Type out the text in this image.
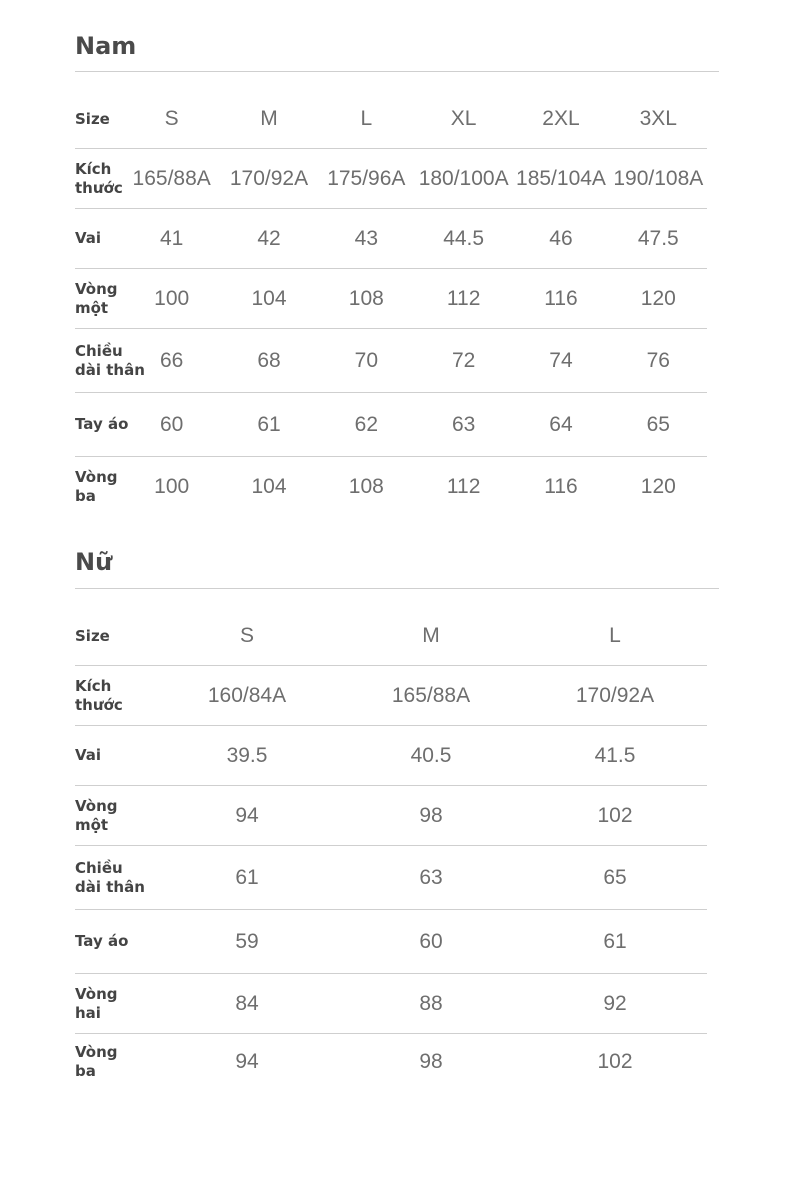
Nam
Size	S	M	L	XL	2XL	3XL
Kích
thước 165/88A 170/92A 175/96A 180/100A 185/104A 190/108A
Vai	41	42	43	44.5	46	47.5
Vòng
một	100	104	108	112	116	120
Chiều
dài thân 66	68	70	72	74	76
Tay áo	60	61	62	63	64	65
Vòng
ba	100	104	108	112	116	120
Nữ
Size	S	M	L
Kích
thước	160/84A	165/88A	170/92A
Vai	39.5	40.5	41.5
Vòng
một	94	98	102
Chiều
dài thân	61	63	65
Tay áo	59	60	61
Vòng
hai	84	88	92
Vòng
ba	94	98	102
